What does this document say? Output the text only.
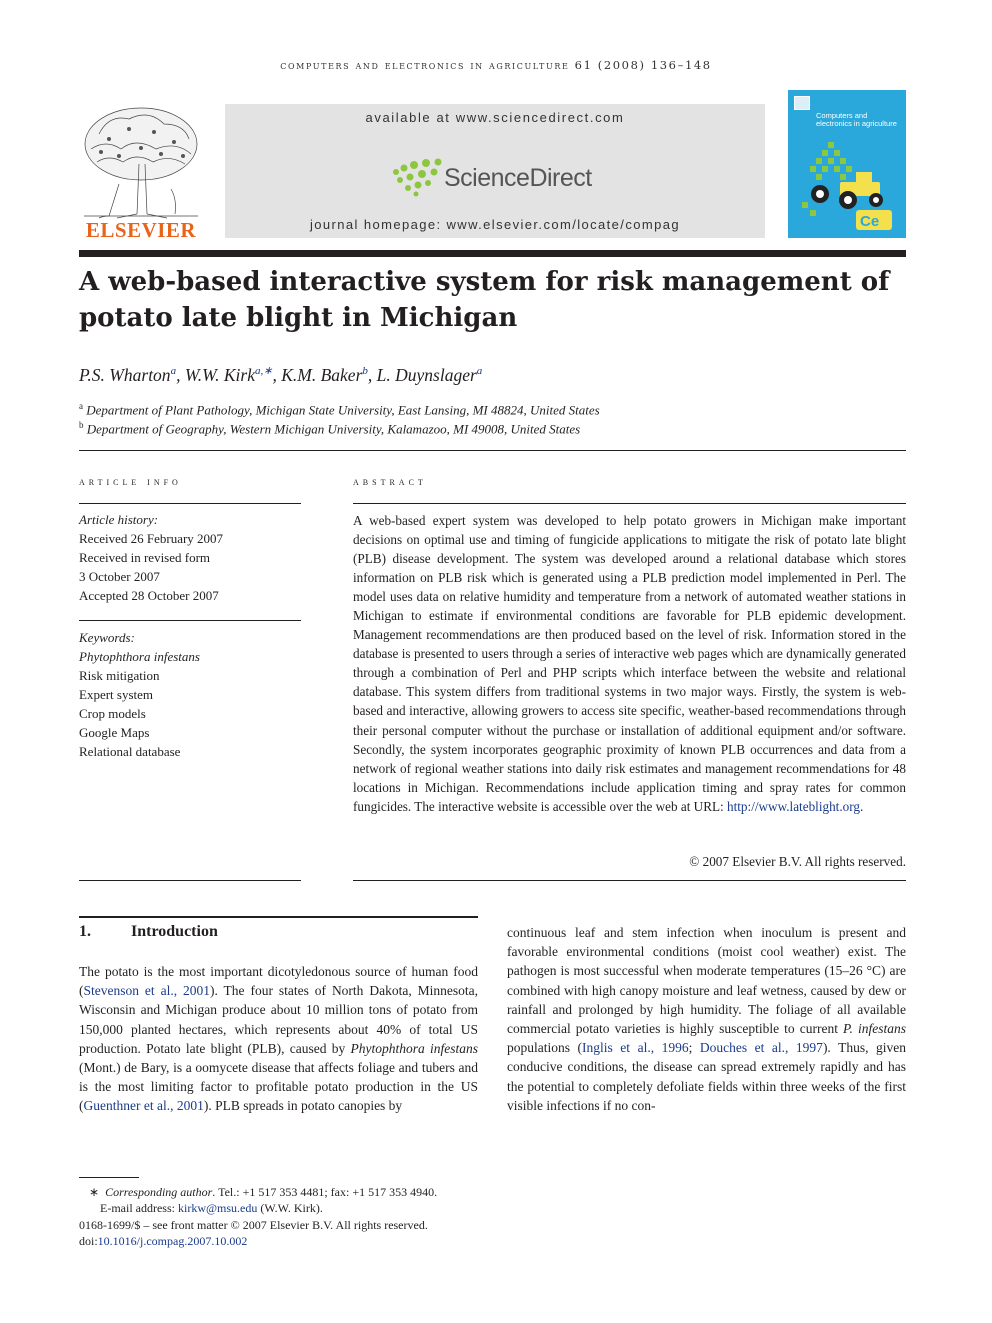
computers and electronics in agriculture 61 (2008) 136–148
ELSEVIER
available at www.sciencedirect.com
ScienceDirect
journal homepage: www.elsevier.com/locate/compag
Computers and electronics in agriculture
Ce
A web-based interactive system for risk management of potato late blight in Michigan
P.S. Wharton$^a$, W.W. Kirk$^{a,∗}$, K.M. Baker$^b$, L. Duynslager$^a$
$^a$ Department of Plant Pathology, Michigan State University, East Lansing, MI 48824, United States
$^b$ Department of Geography, Western Michigan University, Kalamazoo, MI 49008, United States
article info	abstract
Article history:
Received 26 February 2007
Received in revised form
3 October 2007
Accepted 28 October 2007
Keywords:
Phytophthora infestans
Risk mitigation
Expert system
Crop models
Google Maps
Relational database
A web-based expert system was developed to help potato growers in Michigan make important decisions on optimal use and timing of fungicide applications to mitigate the risk of potato late blight (PLB) disease development. The system was developed around a relational database which stores information on PLB risk which is generated using a PLB prediction model implemented in Perl. The model uses data on relative humidity and temperature from a network of automated weather stations in Michigan to estimate if environmental conditions are favorable for PLB epidemic development. Management recommendations are then produced based on the level of risk. Information stored in the database is presented to users through a series of interactive web pages which are dynamically generated through a combination of Perl and PHP scripts which interface between the website and relational database. This system differs from traditional systems in two major ways. Firstly, the system is web-based and interactive, allowing growers to access site specific, weather-based recommendations through their personal computer without the purchase or installation of additional equipment and/or software. Secondly, the system incorporates geographic proximity of known PLB occurrences and data from a network of regional weather stations into daily risk estimates and management recommendations for 48 locations in Michigan. Recommendations include application timing and spray rates for common fungicides. The interactive website is accessible over the web at URL: http://www.lateblight.org.
© 2007 Elsevier B.V. All rights reserved.
1.	Introduction
The potato is the most important dicotyledonous source of human food (Stevenson et al., 2001). The four states of North Dakota, Minnesota, Wisconsin and Michigan produce about 10 million tons of potato from 150,000 planted hectares, which represents about 40% of total US production. Potato late blight (PLB), caused by Phytophthora infestans (Mont.) de Bary, is a oomycete disease that affects foliage and tubers and is the most limiting factor to profitable potato production in the US (Guenthner et al., 2001). PLB spreads in potato canopies by
continuous leaf and stem infection when inoculum is present and favorable environmental conditions (moist cool weather) exist. The pathogen is most successful when moderate temperatures (15–26 °C) are combined with high canopy moisture and leaf wetness, caused by dew or rainfall and prolonged by high humidity. The foliage of all available commercial potato varieties is highly susceptible to current P. infestans populations (Inglis et al., 1996; Douches et al., 1997). Thus, given conducive conditions, the disease can spread extremely rapidly and has the potential to completely defoliate fields within three weeks of the first visible infections if no con-
∗ Corresponding author. Tel.: +1 517 353 4481; fax: +1 517 353 4940.
E-mail address: kirkw@msu.edu (W.W. Kirk).
0168-1699/$ – see front matter © 2007 Elsevier B.V. All rights reserved.
doi:10.1016/j.compag.2007.10.002
